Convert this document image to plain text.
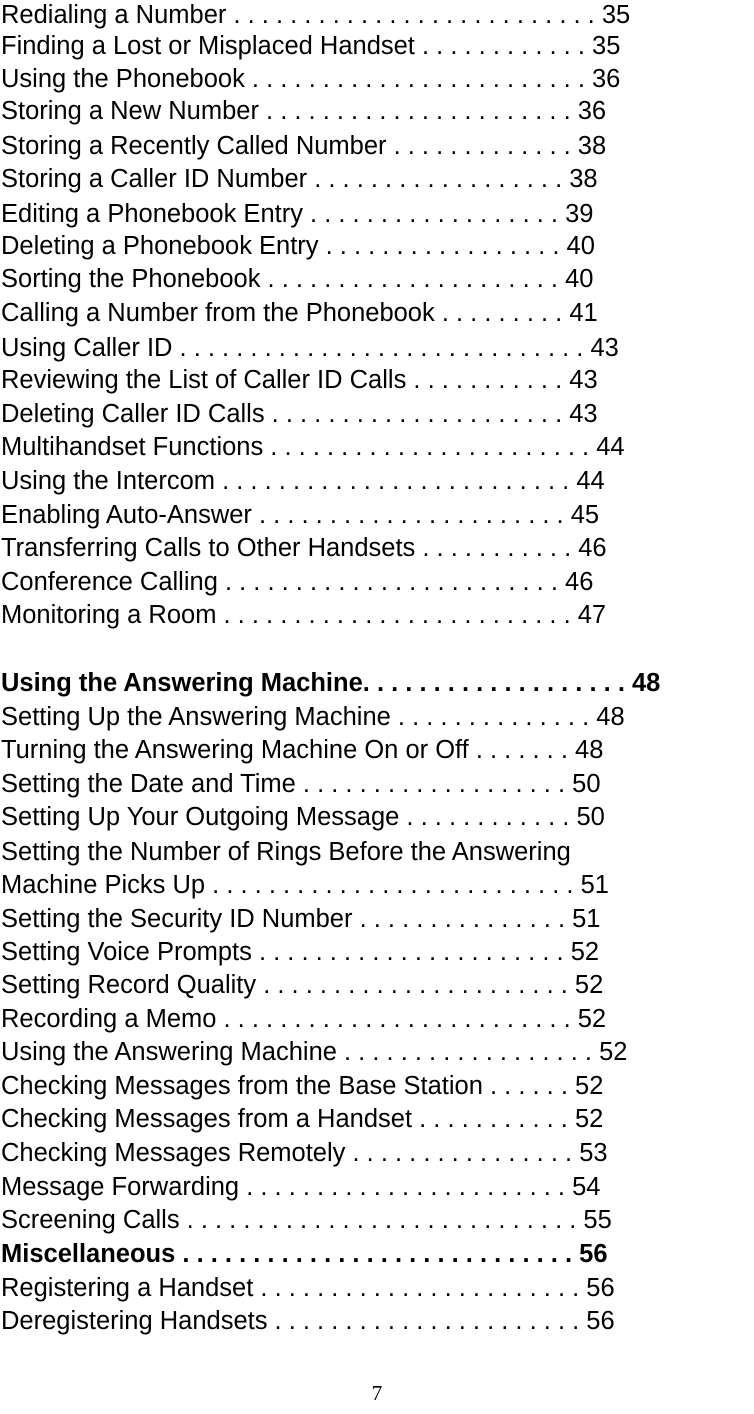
Redialing a Number . . . . . . . . . . . . . . . . . . . . . . . . . . 35
Finding a Lost or Misplaced Handset . . . . . . . . . . . . 35
Using the Phonebook . . . . . . . . . . . . . . . . . . . . . . . . 36
Storing a New Number . . . . . . . . . . . . . . . . . . . . . . 36
Storing a Recently Called Number . . . . . . . . . . . . . 38
Storing a Caller ID Number . . . . . . . . . . . . . . . . . . 38
Editing a Phonebook Entry . . . . . . . . . . . . . . . . . . 39
Deleting a Phonebook Entry . . . . . . . . . . . . . . . . . 40
Sorting the Phonebook . . . . . . . . . . . . . . . . . . . . . 40
Calling a Number from the Phonebook . . . . . . . . . 41
Using Caller ID . . . . . . . . . . . . . . . . . . . . . . . . . . . . . 43
Reviewing the List of Caller ID Calls . . . . . . . . . . . 43
Deleting Caller ID Calls . . . . . . . . . . . . . . . . . . . . . 43
Multihandset Functions . . . . . . . . . . . . . . . . . . . . . . . 44
Using the Intercom . . . . . . . . . . . . . . . . . . . . . . . . . 44
Enabling Auto-Answer . . . . . . . . . . . . . . . . . . . . . . 45
Transferring Calls to Other Handsets . . . . . . . . . . . 46
Conference Calling . . . . . . . . . . . . . . . . . . . . . . . . 46
Monitoring a Room . . . . . . . . . . . . . . . . . . . . . . . . . 47
Using the Answering Machine. . . . . . . . . . . . . . . . . . . 48
Setting Up the Answering Machine . . . . . . . . . . . . . . 48
Turning the Answering Machine On or Off . . . . . . . 48
Setting the Date and Time . . . . . . . . . . . . . . . . . . . 50
Setting Up Your Outgoing Message . . . . . . . . . . . . 50
Setting the Number of Rings Before the Answering
Machine Picks Up . . . . . . . . . . . . . . . . . . . . . . . . . . 51
Setting the Security ID Number . . . . . . . . . . . . . . . 51
Setting Voice Prompts . . . . . . . . . . . . . . . . . . . . . . 52
Setting Record Quality . . . . . . . . . . . . . . . . . . . . . . 52
Recording a Memo . . . . . . . . . . . . . . . . . . . . . . . . . 52
Using the Answering Machine . . . . . . . . . . . . . . . . . . 52
Checking Messages from the Base Station . . . . . . 52
Checking Messages from a Handset . . . . . . . . . . . 52
Checking Messages Remotely . . . . . . . . . . . . . . . . 53
Message Forwarding . . . . . . . . . . . . . . . . . . . . . . . 54
Screening Calls . . . . . . . . . . . . . . . . . . . . . . . . . . . . 55
Miscellaneous . . . . . . . . . . . . . . . . . . . . . . . . . . . . 56
Registering a Handset . . . . . . . . . . . . . . . . . . . . . . . 56
Deregistering Handsets . . . . . . . . . . . . . . . . . . . . . . 56
7
